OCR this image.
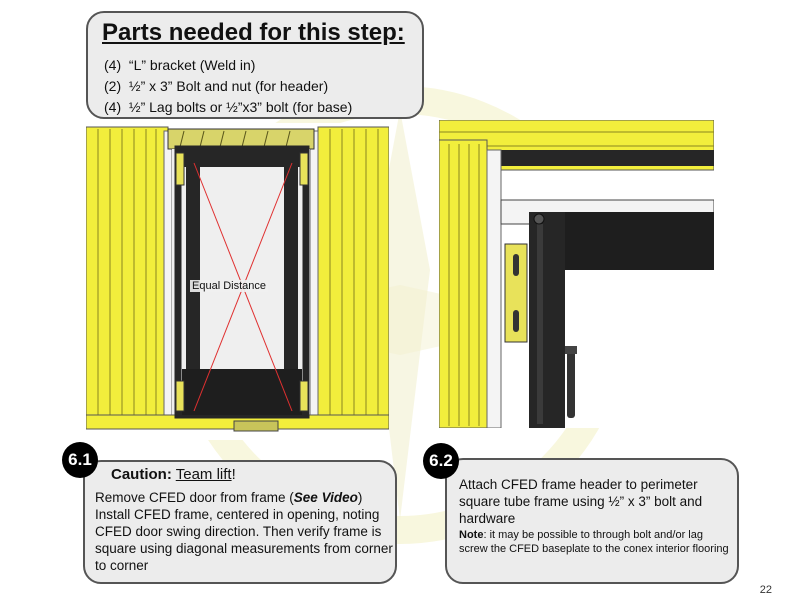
Equal Distance
Parts needed for this step:
(4) “L” bracket (Weld in)
(2) ½” x 3” Bolt and nut (for header)
(4) ½” Lag bolts or ½”x3” bolt (for base)
Caution: Team lift!
Remove CFED door from frame (See Video)
Install CFED frame, centered in opening, noting CFED door swing direction. Then verify frame is square using diagonal measurements from corner to corner
6.1
Attach CFED frame header to perimeter square tube frame using ½” x 3” bolt and hardware
Note: it may be possible to through bolt and/or lag screw the CFED baseplate to the conex interior flooring
6.2
22
